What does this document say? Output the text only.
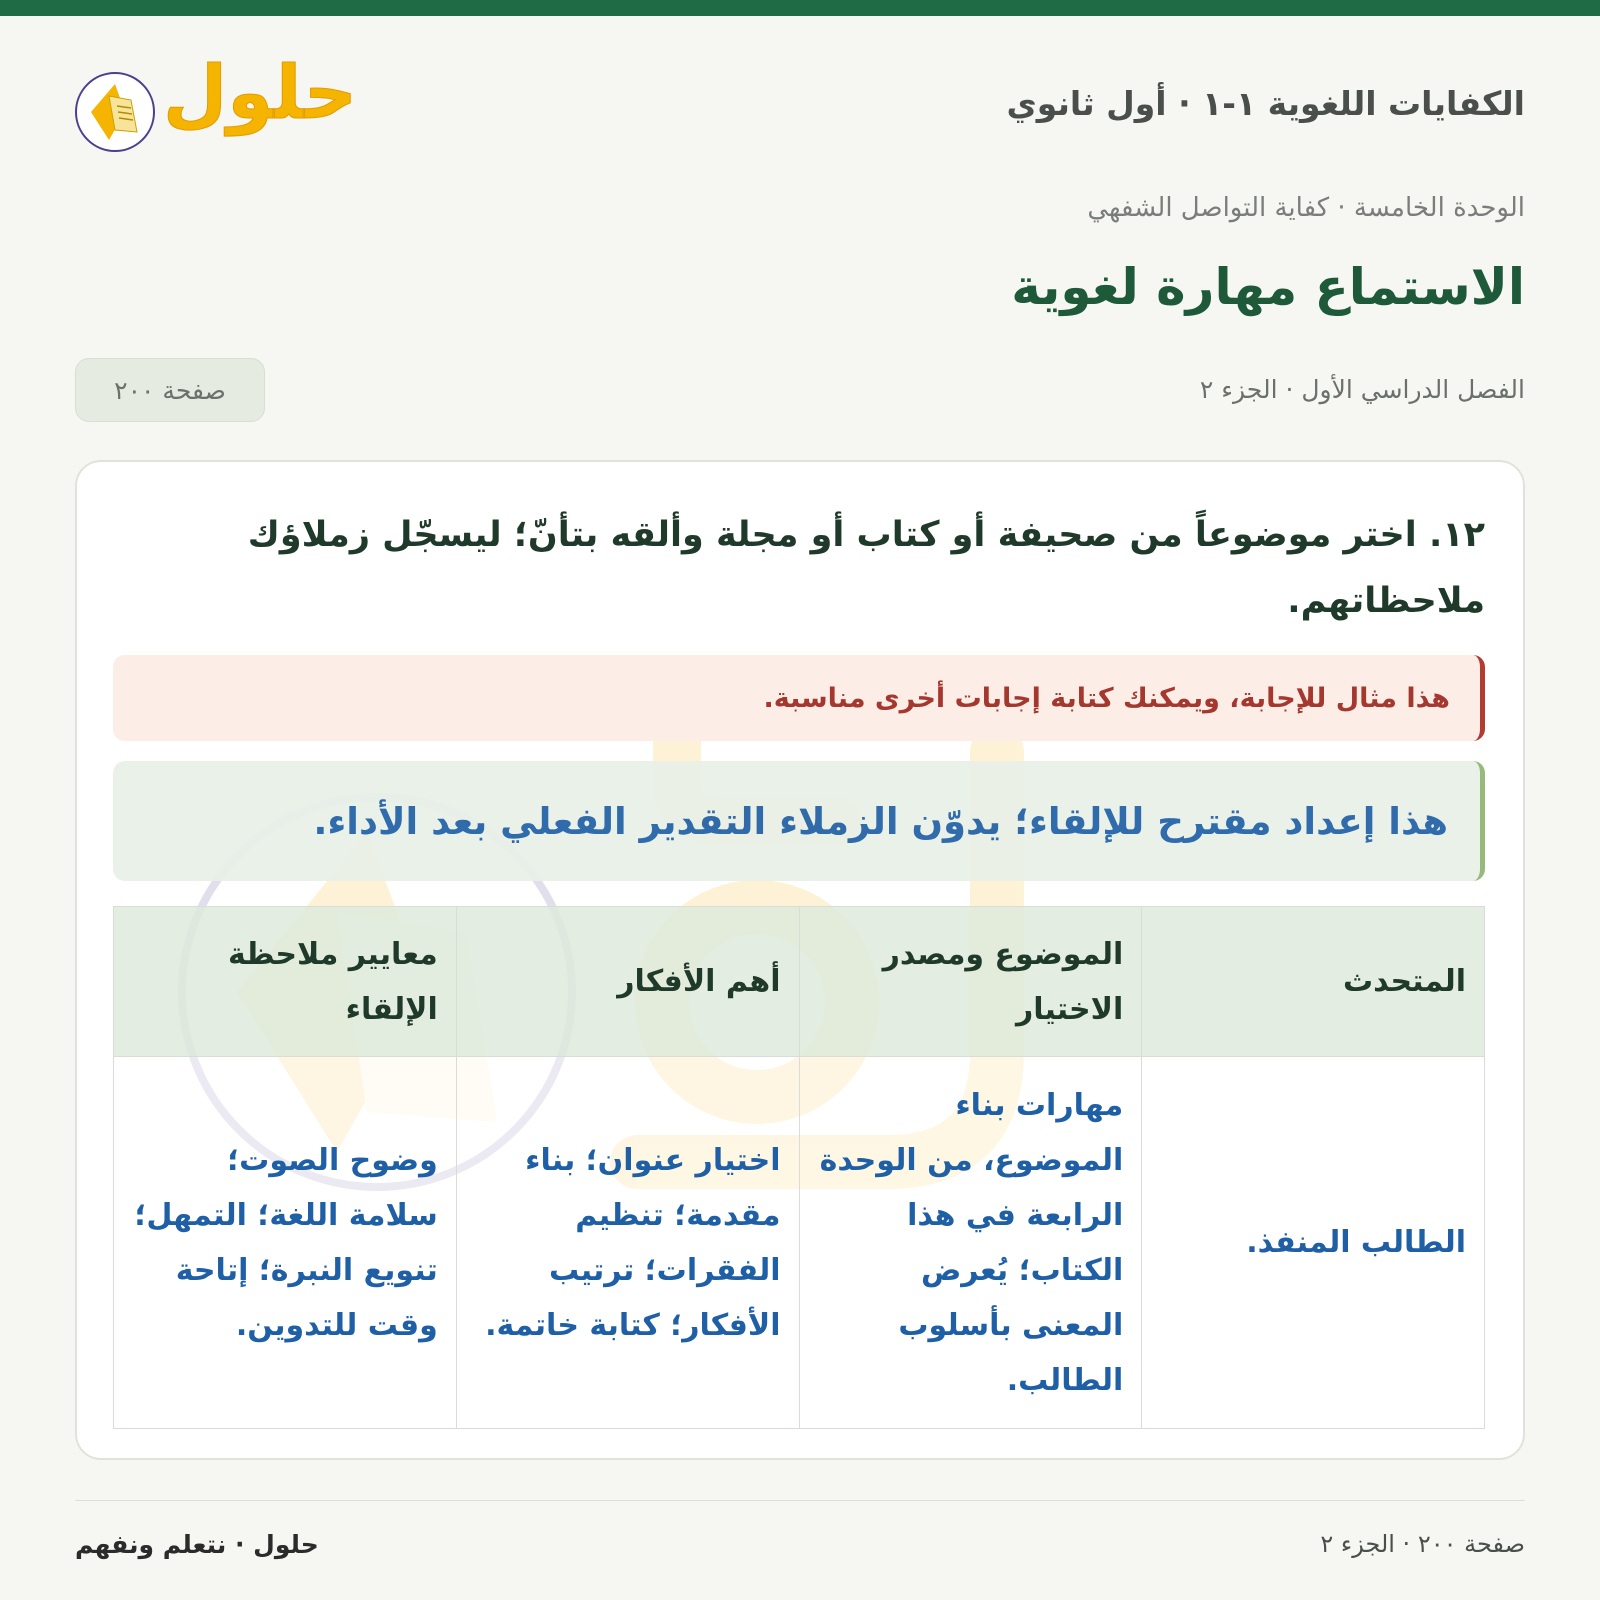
الكفايات اللغوية ١-١ · أول ثانوي
حلول
الوحدة الخامسة · كفاية التواصل الشفهي
الاستماع مهارة لغوية
الفصل الدراسي الأول · الجزء ٢
صفحة ٢٠٠
١٢. اختر موضوعاً من صحيفة أو كتاب أو مجلة وألقه بتأنّ؛ ليسجّل زملاؤك ملاحظاتهم.
هذا مثال للإجابة، ويمكنك كتابة إجابات أخرى مناسبة.
هذا إعداد مقترح للإلقاء؛ يدوّن الزملاء التقدير الفعلي بعد الأداء.
المتحدث	الموضوع ومصدر الاختيار	أهم الأفكار	معايير ملاحظة الإلقاء
الطالب المنفذ.	مهارات بناء الموضوع، من الوحدة الرابعة في هذا الكتاب؛ يُعرض المعنى بأسلوب الطالب.	اختيار عنوان؛ بناء مقدمة؛ تنظيم الفقرات؛ ترتيب الأفكار؛ كتابة خاتمة.	وضوح الصوت؛ سلامة اللغة؛ التمهل؛ تنويع النبرة؛ إتاحة وقت للتدوين.
صفحة ٢٠٠ · الجزء ٢
حلول · نتعلم ونفهم
